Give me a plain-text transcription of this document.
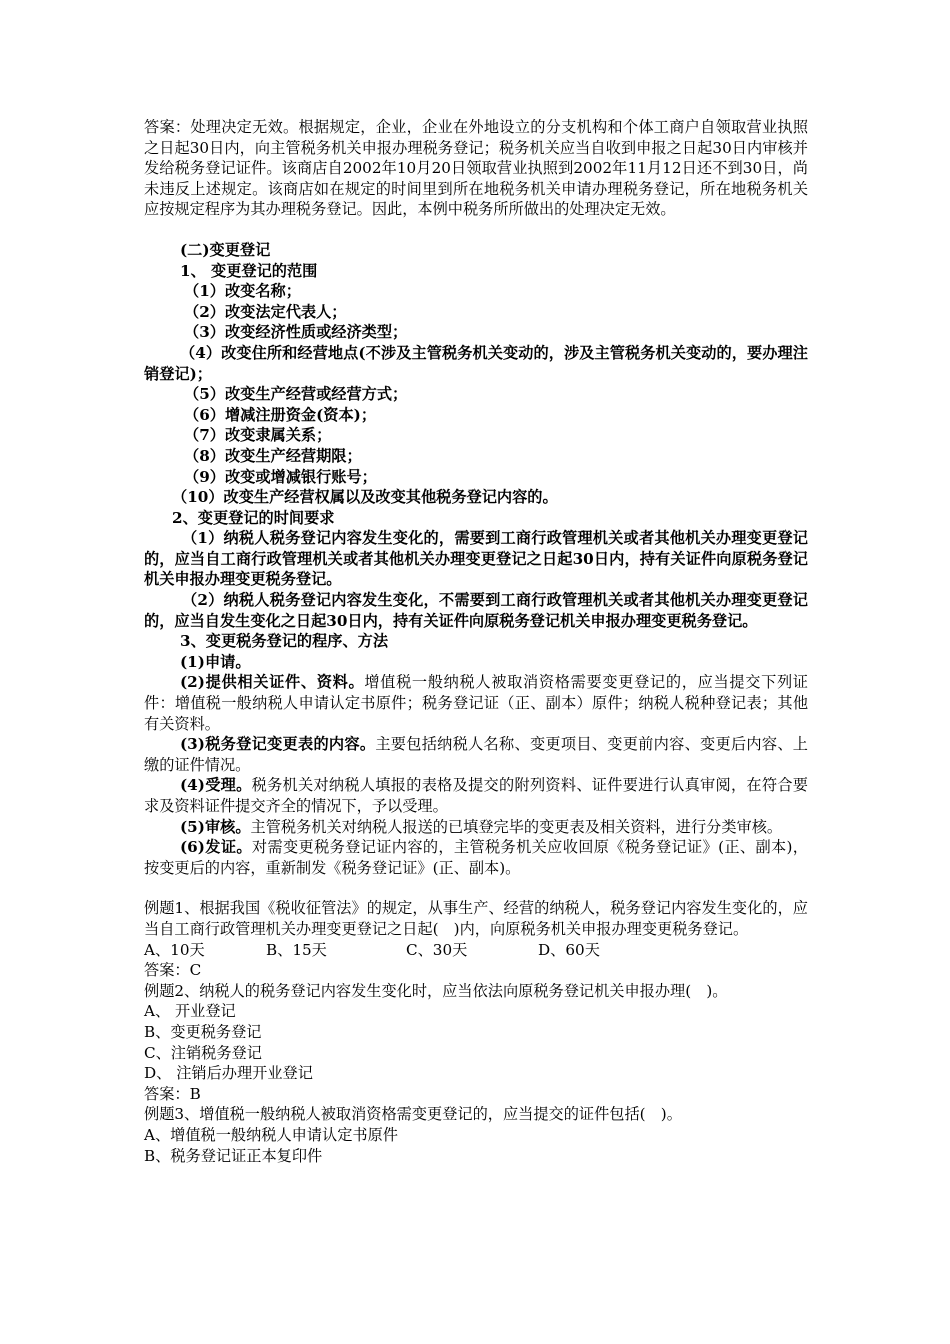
答案：处理决定无效。根据规定，企业，企业在外地设立的分支机构和个体工商户自领取营业执照之日起30日内，向主管税务机关申报办理税务登记；税务机关应当自收到申报之日起30日内审核并发给税务登记证件。该商店自2002年10月20日领取营业执照到2002年11月12日还不到30日，尚未违反上述规定。该商店如在规定的时间里到所在地税务机关申请办理税务登记，所在地税务机关应按规定程序为其办理税务登记。因此，本例中税务所所做出的处理决定无效。

(二)变更登记

1、 变更登记的范围

（1）改变名称；

（2）改变法定代表人；

（3）改变经济性质或经济类型；

（4）改变住所和经营地点(不涉及主管税务机关变动的，涉及主管税务机关变动的，要办理注销登记)；

（5）改变生产经营或经营方式；

（6）增减注册资金(资本)；

（7）改变隶属关系；

（8）改变生产经营期限；

（9）改变或增减银行账号；

（10）改变生产经营权属以及改变其他税务登记内容的。

2、变更登记的时间要求

（1）纳税人税务登记内容发生变化的，需要到工商行政管理机关或者其他机关办理变更登记的，应当自工商行政管理机关或者其他机关办理变更登记之日起30日内，持有关证件向原税务登记机关申报办理变更税务登记。

（2）纳税人税务登记内容发生变化，不需要到工商行政管理机关或者其他机关办理变更登记的，应当自发生变化之日起30日内，持有关证件向原税务登记机关申报办理变更税务登记。

3、变更税务登记的程序、方法

(1)申请。

(2)提供相关证件、资料。增值税一般纳税人被取消资格需要变更登记的，应当提交下列证件：增值税一般纳税人申请认定书原件；税务登记证（正、副本）原件；纳税人税种登记表；其他有关资料。

(3)税务登记变更表的内容。主要包括纳税人名称、变更项目、变更前内容、变更后内容、上缴的证件情况。

(4)受理。税务机关对纳税人填报的表格及提交的附列资料、证件要进行认真审阅，在符合要求及资料证件提交齐全的情况下，予以受理。

(5)审核。主管税务机关对纳税人报送的已填登完毕的变更表及相关资料，进行分类审核。

(6)发证。对需变更税务登记证内容的，主管税务机关应收回原《税务登记证》(正、副本)，按变更后的内容，重新制发《税务登记证》(正、副本)。

例题1、根据我国《税收征管法》的规定，从事生产、经营的纳税人，税务登记内容发生变化的，应当自工商行政管理机关办理变更登记之日起(　)内，向原税务机关申报办理变更税务登记。

A、10天	B、15天	C、30天	D、60天

答案：C

例题2、纳税人的税务登记内容发生变化时，应当依法向原税务登记机关申报办理(　)。

A、 开业登记

B、变更税务登记

C、注销税务登记

D、 注销后办理开业登记

答案：B

例题3、增值税一般纳税人被取消资格需变更登记的，应当提交的证件包括(　)。

A、增值税一般纳税人申请认定书原件

B、税务登记证正本复印件
